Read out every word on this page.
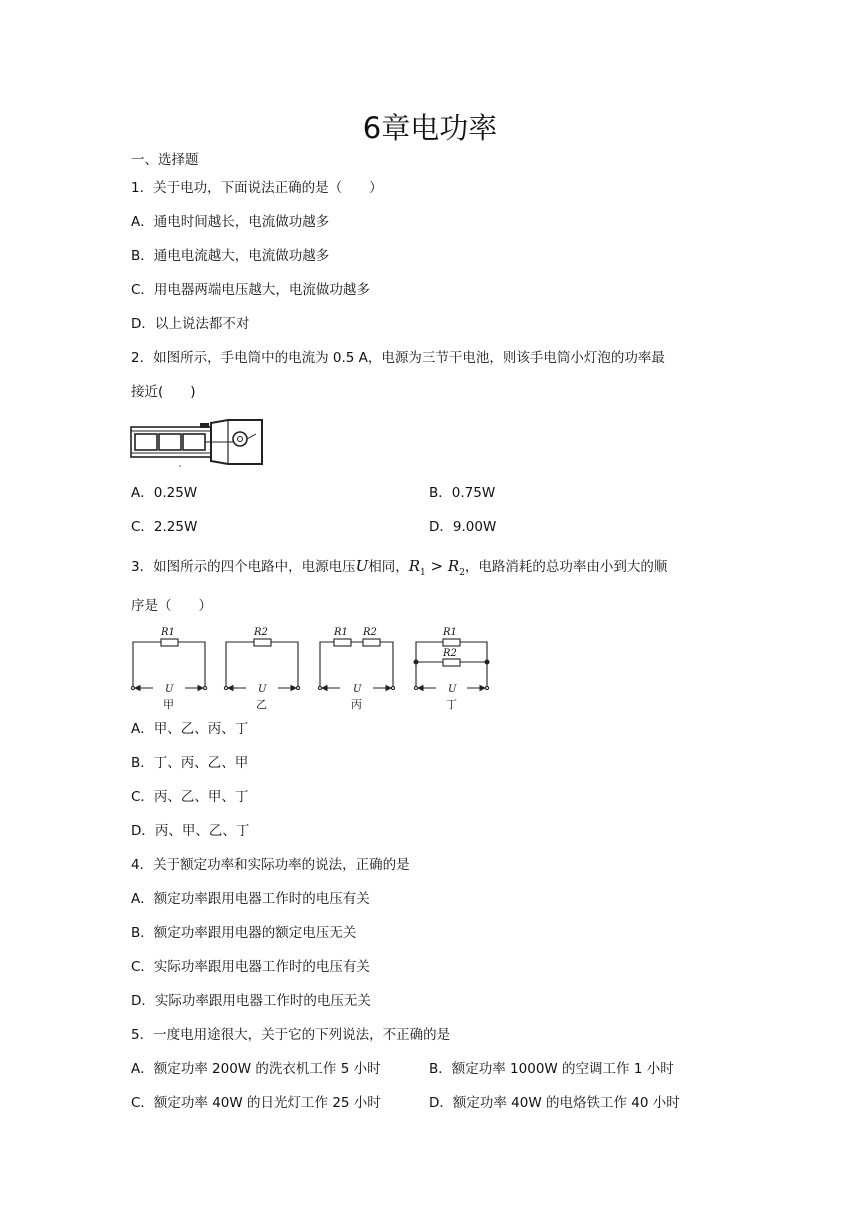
6章电功率
一、选择题
1．关于电功，下面说法正确的是（　　）
A．通电时间越长，电流做功越多
B．通电电流越大，电流做功越多
C．用电器两端电压越大，电流做功越多
D．以上说法都不对
2．如图所示，手电筒中的电流为 0.5 A，电源为三节干电池，则该手电筒小灯泡的功率最
接近(　　)
A．0.25W	B．0.75W
C．2.25W	D．9.00W
3．如图所示的四个电路中，电源电压U相同，$R_1 > R_2$，电路消耗的总功率由小到大的顺
序是（　　）
R1	R2	R1 R2	R1
R2
U	U	U	U
甲	乙	丙	丁
A．甲、乙、丙、丁
B．丁、丙、乙、甲
C．丙、乙、甲、丁
D．丙、甲、乙、丁
4．关于额定功率和实际功率的说法，正确的是
A．额定功率跟用电器工作时的电压有关
B．额定功率跟用电器的额定电压无关
C．实际功率跟用电器工作时的电压有关
D．实际功率跟用电器工作时的电压无关
5．一度电用途很大，关于它的下列说法，不正确的是
A．额定功率 200W 的洗衣机工作 5 小时	B．额定功率 1000W 的空调工作 1 小时
C．额定功率 40W 的日光灯工作 25 小时	D．额定功率 40W 的电烙铁工作 40 小时
